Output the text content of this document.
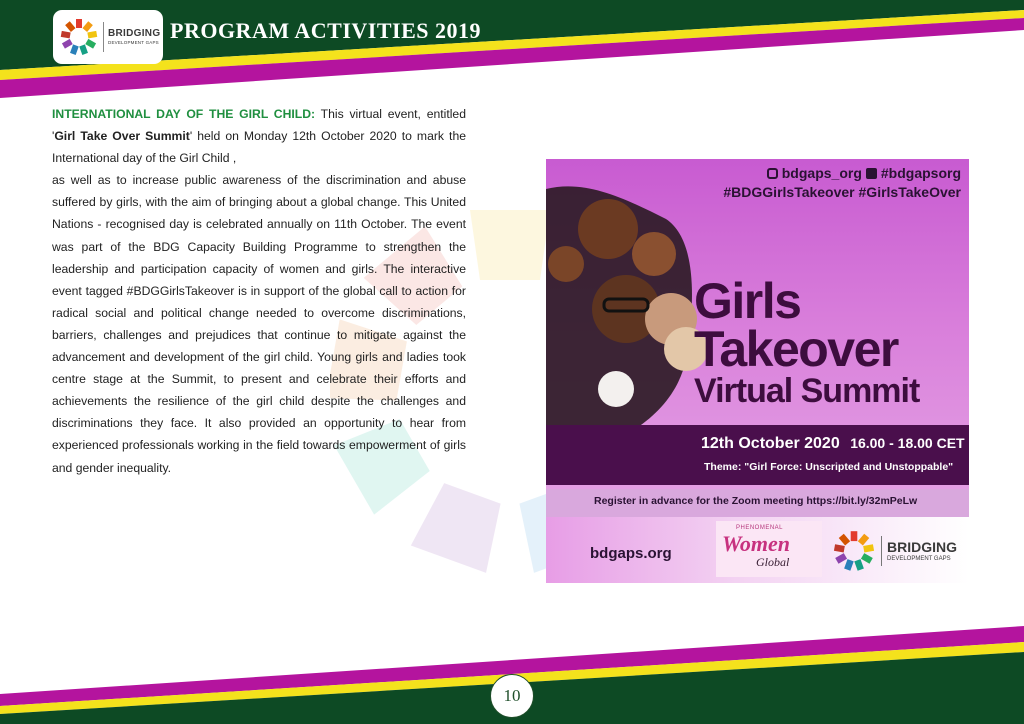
BRIDGING
DEVELOPMENT GAPS PROGRAM ACTIVITIES 2019

INTERNATIONAL DAY OF THE GIRL CHILD: This virtual event, entitled 'Girl Take Over Summit' held on Monday 12th October 2020 to mark the International day of the Girl Child ,

as well as to increase public awareness of the discrimination and abuse suffered by girls, with the aim of bringing about a global change. This United Nations - recognised day is celebrated annually on 11th October. The event was part of the BDG Capacity Building Programme to strengthen the leadership and participation capacity of women and girls. The interactive event tagged #BDGGirlsTakeover is in support of the global call to action for radical social and political change needed to overcome discriminations, barriers, challenges and prejudices that continue to mitigate against the advancement and development of the girl child. Young girls and ladies took centre stage at the Summit, to present and celebrate their efforts and achievements the resilience of the girl child despite the challenges and discriminations they face. It also provided an opportunity to hear from experienced professionals working in the field towards empowerment of girls and gender inequality.

bdgaps_org #bdgapsorg
#BDGGirlsTakeover #GirlsTakeOver
Girls
Takeover
Virtual Summit
12th October 2020 16.00 - 18.00 CET
Theme: "Girl Force: Unscripted and Unstoppable"
Register in advance for the Zoom meeting https://bit.ly/32mPeLw
bdgaps.org
PHENOMENAL
Women
Global
BRIDGING
DEVELOPMENT GAPS
10
